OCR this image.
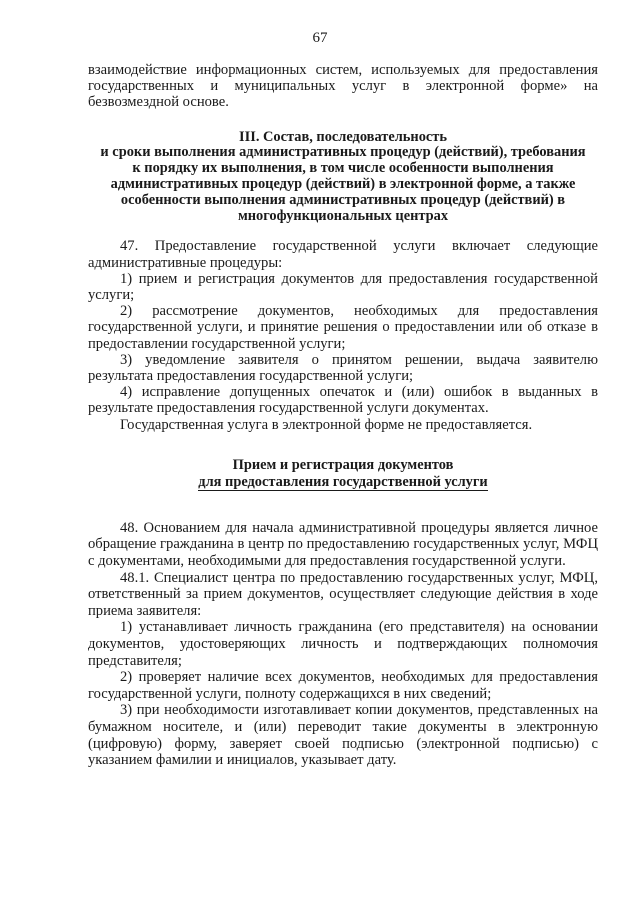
67

взаимодействие информационных систем, используемых для предоставления государственных и муниципальных услуг в электронной форме» на безвозмездной основе.

III. Состав, последовательность

и сроки выполнения административных процедур (действий), требования

к порядку их выполнения, в том числе особенности выполнения

административных процедур (действий) в электронной форме, а также

особенности выполнения административных процедур (действий) в

многофункциональных центрах

47. Предоставление государственной услуги включает следующие административные процедуры:

1) прием и регистрация документов для предоставления государственной услуги;

2) рассмотрение документов, необходимых для предоставления государственной услуги, и принятие решения о предоставлении или об отказе в предоставлении государственной услуги;

3) уведомление заявителя о принятом решении, выдача заявителю результата предоставления государственной услуги;

4) исправление допущенных опечаток и (или) ошибок в выданных в результате предоставления государственной услуги документах.

Государственная услуга в электронной форме не предоставляется.

Прием и регистрация документов

для предоставления государственной услуги

48. Основанием для начала административной процедуры является личное обращение гражданина в центр по предоставлению государственных услуг, МФЦ с документами, необходимыми для предоставления государственной услуги.

48.1. Специалист центра по предоставлению государственных услуг, МФЦ, ответственный за прием документов, осуществляет следующие действия в ходе приема заявителя:

1) устанавливает личность гражданина (его представителя) на основании документов, удостоверяющих личность и подтверждающих полномочия представителя;

2) проверяет наличие всех документов, необходимых для предоставления государственной услуги, полноту содержащихся в них сведений;

3) при необходимости изготавливает копии документов, представленных на бумажном носителе, и (или) переводит такие документы в электронную (цифровую) форму, заверяет своей подписью (электронной подписью) с указанием фамилии и инициалов, указывает дату.
